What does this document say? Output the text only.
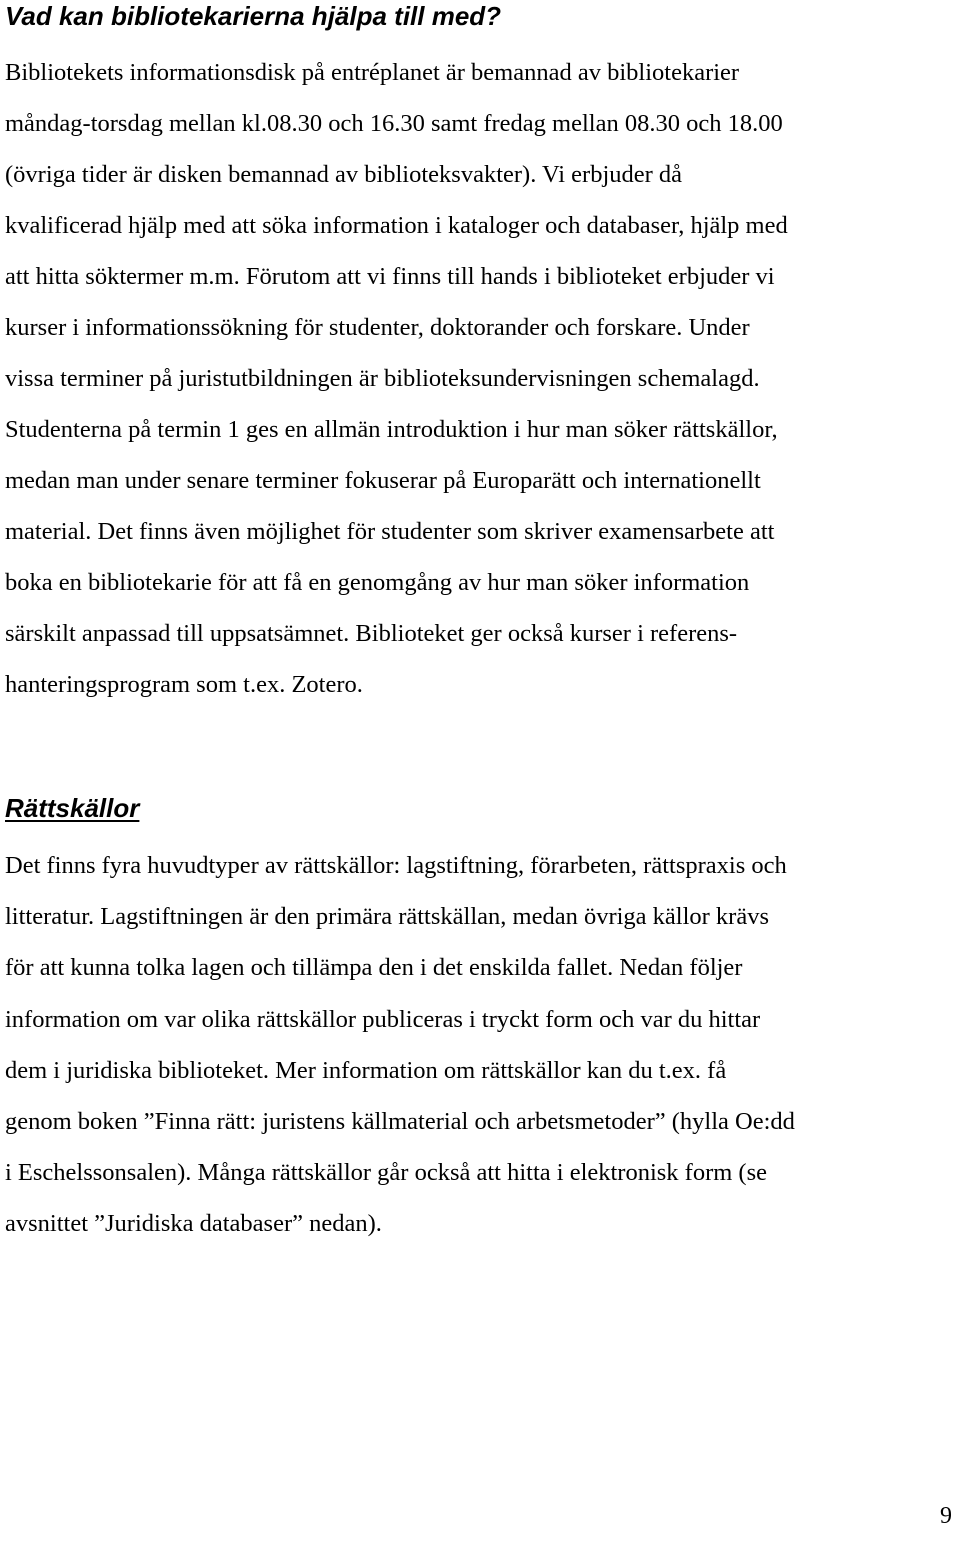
Vad kan bibliotekarierna hjälpa till med?

Bibliotekets informationsdisk på entréplanet är bemannad av bibliotekarier
måndag-torsdag mellan kl.08.30 och 16.30 samt fredag mellan 08.30 och 18.00
(övriga tider är disken bemannad av biblioteksvakter). Vi erbjuder då
kvalificerad hjälp med att söka information i kataloger och databaser, hjälp med
att hitta söktermer m.m. Förutom att vi finns till hands i biblioteket erbjuder vi
kurser i informationssökning för studenter, doktorander och forskare. Under
vissa terminer på juristutbildningen är biblioteksundervisningen schemalagd.
Studenterna på termin 1 ges en allmän introduktion i hur man söker rättskällor,
medan man under senare terminer fokuserar på Europarätt och internationellt
material. Det finns även möjlighet för studenter som skriver examensarbete att
boka en bibliotekarie för att få en genomgång av hur man söker information
särskilt anpassad till uppsatsämnet. Biblioteket ger också kurser i referens-
hanteringsprogram som t.ex. Zotero.

Rättskällor

Det finns fyra huvudtyper av rättskällor: lagstiftning, förarbeten, rättspraxis och
litteratur. Lagstiftningen är den primära rättskällan, medan övriga källor krävs
för att kunna tolka lagen och tillämpa den i det enskilda fallet. Nedan följer
information om var olika rättskällor publiceras i tryckt form och var du hittar
dem i juridiska biblioteket. Mer information om rättskällor kan du t.ex. få
genom boken ”Finna rätt: juristens källmaterial och arbetsmetoder” (hylla Oe:dd
i Eschelssonsalen). Många rättskällor går också att hitta i elektronisk form (se
avsnittet ”Juridiska databaser” nedan).

9
